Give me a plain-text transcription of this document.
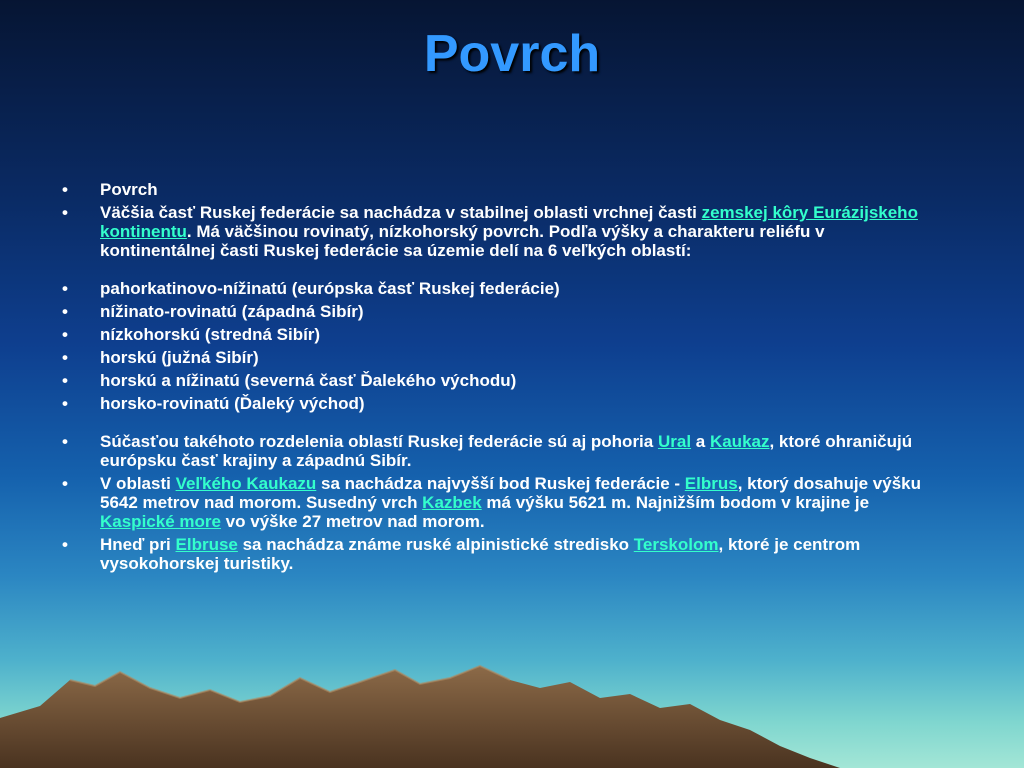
Povrch
• Povrch
• Väčšia časť Ruskej federácie sa nachádza v stabilnej oblasti vrchnej časti zemskej kôry Eurázijskeho kontinentu. Má väčšinou rovinatý, nízkohorský povrch. Podľa výšky a charakteru reliéfu v kontinentálnej časti Ruskej federácie sa územie delí na 6 veľkých oblastí:
• pahorkatinovo-nížinatú (európska časť Ruskej federácie)
• nížinato-rovinatú (západná Sibír)
• nízkohorskú (stredná Sibír)
• horskú (južná Sibír)
• horskú a nížinatú (severná časť Ďalekého východu)
• horsko-rovinatú (Ďaleký východ)
• Súčasťou takéhoto rozdelenia oblastí Ruskej federácie sú aj pohoria Ural a Kaukaz, ktoré ohraničujú európsku časť krajiny a západnú Sibír.
• V oblasti Veľkého Kaukazu sa nachádza najvyšší bod Ruskej federácie - Elbrus, ktorý dosahuje výšku 5642 metrov nad morom. Susedný vrch Kazbek má výšku 5621 m. Najnižším bodom v krajine je Kaspické more vo výške 27 metrov nad morom.
• Hneď pri Elbruse sa nachádza známe ruské alpinistické stredisko Terskolom, ktoré je centrom vysokohorskej turistiky.
